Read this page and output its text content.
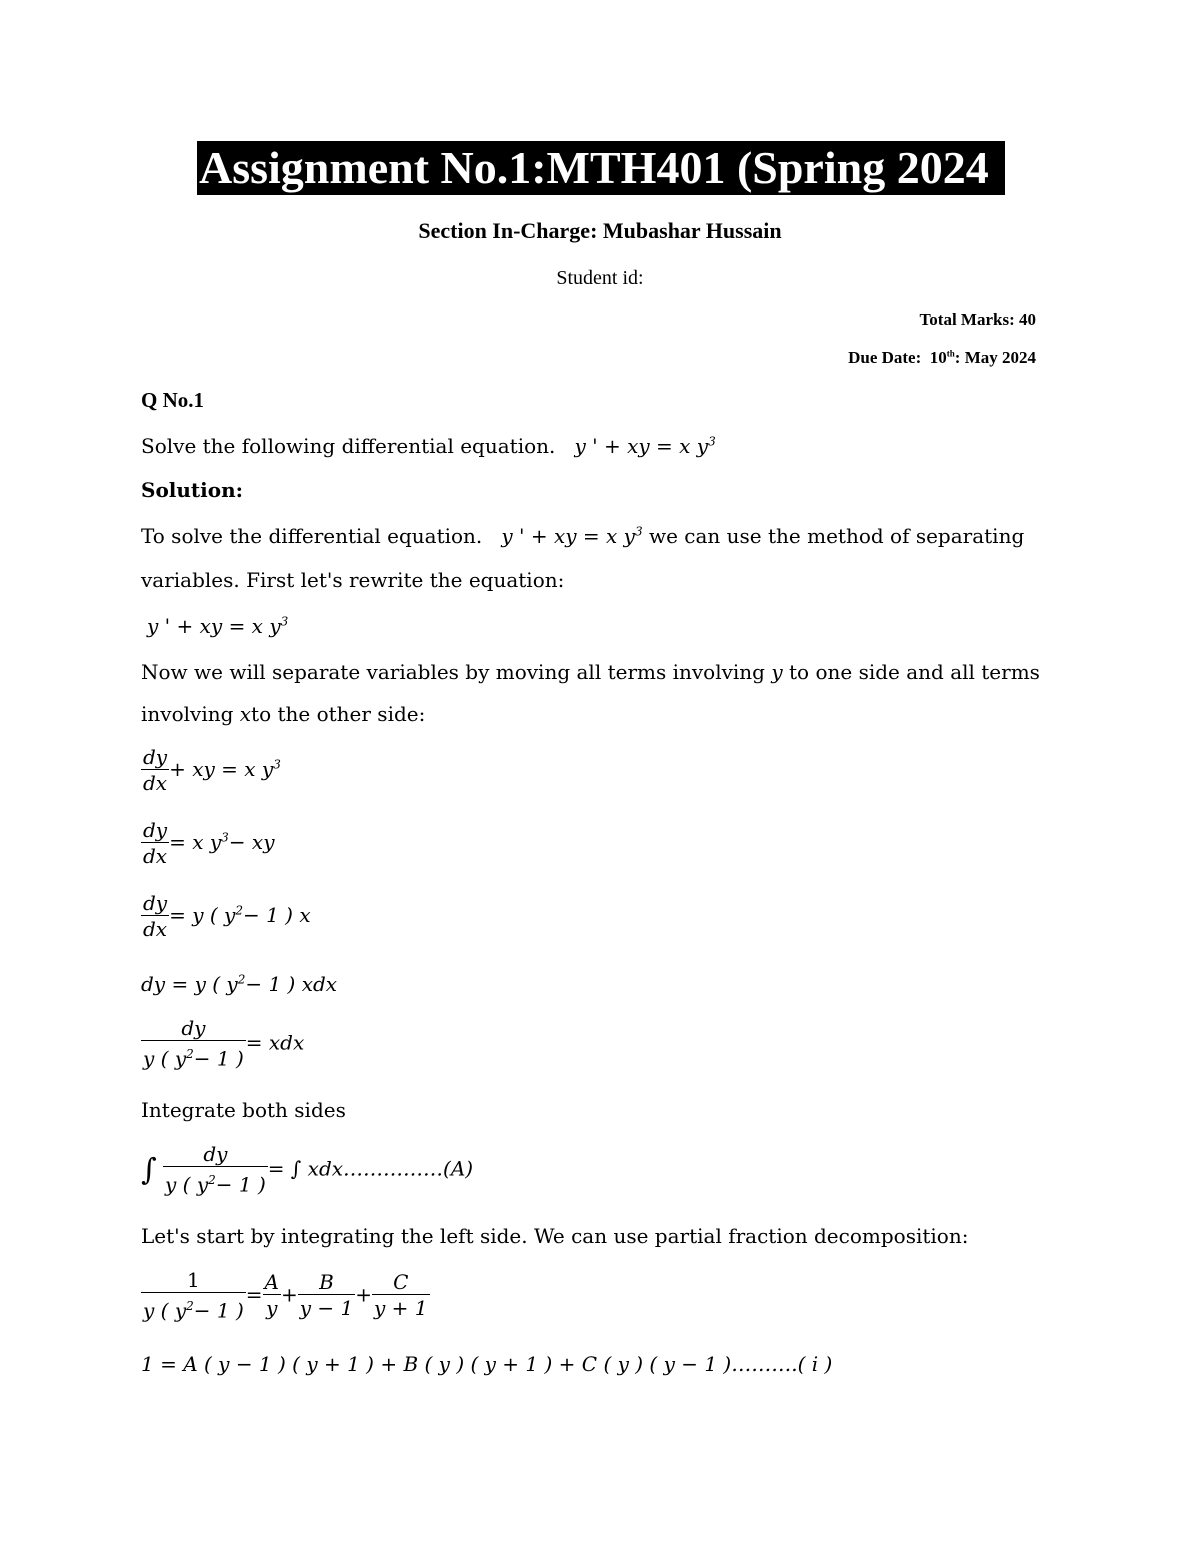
Assignment No.1:MTH401 (Spring 2024
Section In-Charge: Mubashar Hussain
Student id:
Total Marks: 40
Due Date: 10th: May 2024
Q No.1
Solve the following differential equation. y ' + xy = x $y^3$
Solution:
To solve the differential equation. y ' + xy = x $y^3$ we can use the method of separating
variables. First let's rewrite the equation:
y ' + xy = x $y^3$
Now we will separate variables by moving all terms involving y to one side and all terms
involving xto the other side:
$\frac{dy}{dx}$ + xy = x $y^3$
$\frac{dy}{dx} = x$ $y^3-$ xy
$\frac{dy}{dx} = y$ ( $y^2- 1$ ) x
dy = y ( $y^2- 1$ ) xdx
$\frac{dy}{y ( y^2- 1 )}$ = xdx
Integrate both sides
∫ $\frac{dy}{y ( y^2- 1 )}$ = ∫ xdx……………(A)
Let's start by integrating the left side. We can use partial fraction decomposition:
$\frac{1}{y ( y^2- 1 )} = \frac{A}{y} + \frac{B}{y - 1} + \frac{C}{y + 1}$
1 = A ( y − 1 ) ( y + 1 ) + B ( y ) ( y + 1 ) + C ( y ) ( y − 1 )……….( i )
